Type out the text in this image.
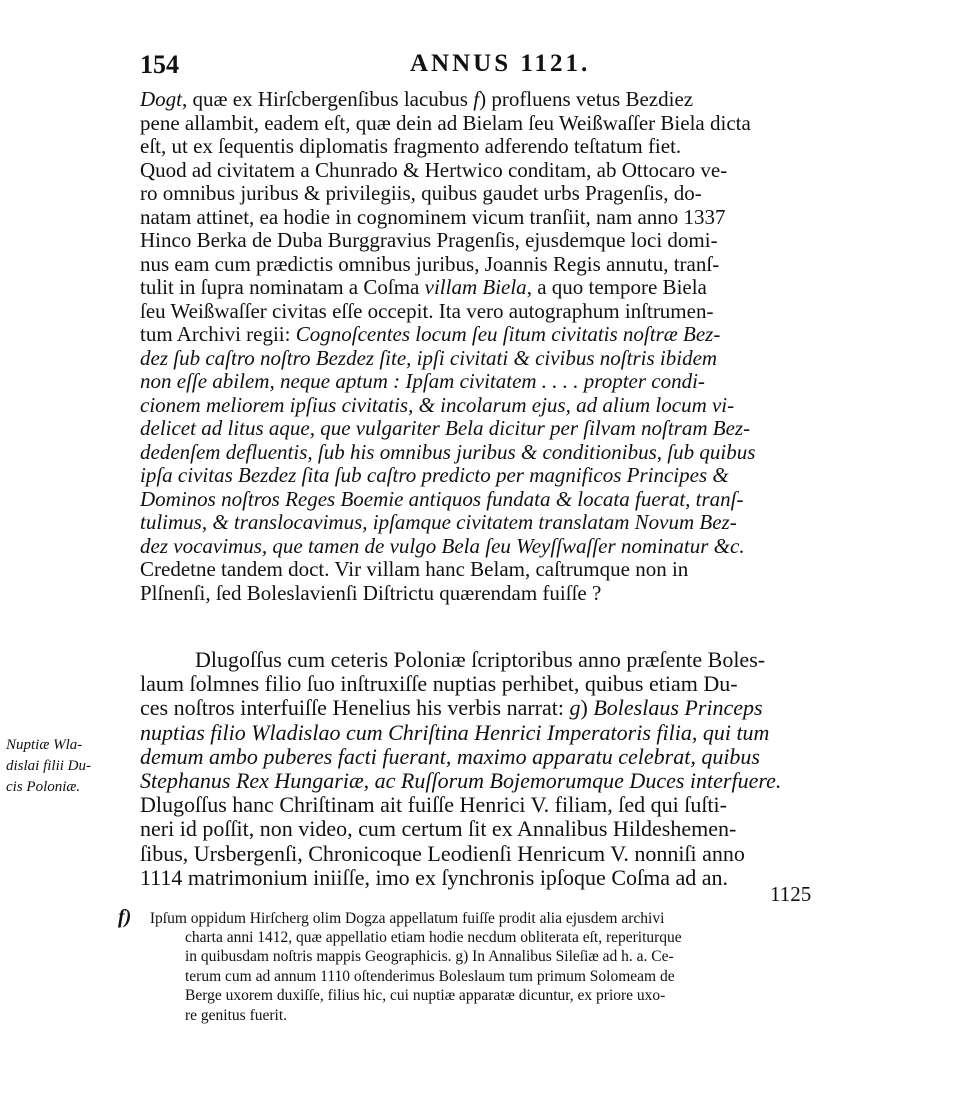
154	ANNUS 1121.
Dogt, quæ ex Hirſcbergenſibus lacubus f) profluens vetus Bezdiez
pene allambit, eadem eſt, quæ dein ad Bielam ſeu Weißwaſſer Biela dicta
eſt, ut ex ſequentis diplomatis fragmento adferendo teſtatum fiet.
Quod ad civitatem a Chunrado & Hertwico conditam, ab Ottocaro ve-
ro omnibus juribus & privilegiis, quibus gaudet urbs Pragenſis, do-
natam attinet, ea hodie in cognominem vicum tranſiit, nam anno 1337
Hinco Berka de Duba Burggravius Pragenſis, ejusdemque loci domi-
nus eam cum prædictis omnibus juribus, Joannis Regis annutu, tranſ-
tulit in ſupra nominatam a Coſma villam Biela, a quo tempore Biela
ſeu Weißwaſſer civitas eſſe occepit. Ita vero autographum inſtrumen-
tum Archivi regii: Cognoſcentes locum ſeu ſitum civitatis noſtræ Bez-
dez ſub caſtro noſtro Bezdez ſite, ipſi civitati & civibus noſtris ibidem
non eſſe abilem, neque aptum : Ipſam civitatem . . . . propter condi-
cionem meliorem ipſius civitatis, & incolarum ejus, ad alium locum vi-
delicet ad litus aque, que vulgariter Bela dicitur per ſilvam noſtram Bez-
dedenſem defluentis, ſub his omnibus juribus & conditionibus, ſub quibus
ipſa civitas Bezdez ſita ſub caſtro predicto per magnificos Principes &
Dominos noſtros Reges Boemie antiquos fundata & locata fuerat, tranſ-
tulimus, & translocavimus, ipſamque civitatem translatam Novum Bez-
dez vocavimus, que tamen de vulgo Bela ſeu Weyſſwaſſer nominatur &c.
Credetne tandem doct. Vir villam hanc Belam, caſtrumque non in
Plſnenſi, ſed Boleslavienſi Diſtrictu quærendam fuiſſe ?
Dlugoſſus cum ceteris Poloniæ ſcriptoribus anno præſente Boles-
laum ſolmnes filio ſuo inſtruxiſſe nuptias perhibet, quibus etiam Du-
ces noſtros interfuiſſe Henelius his verbis narrat: g) Boleslaus Princeps
nuptias filio Wladislao cum Chriſtina Henrici Imperatoris filia, qui tum
demum ambo puberes facti fuerant, maximo apparatu celebrat, quibus
Stephanus Rex Hungariæ, ac Ruſſorum Bojemorumque Duces interfuere.
Dlugoſſus hanc Chriſtinam ait fuiſſe Henrici V. filiam, ſed qui ſuſti-
neri id poſſit, non video, cum certum ſit ex Annalibus Hildeshemen-
ſibus, Ursbergenſi, Chronicoque Leodienſi Henricum V. nonniſi anno
1114 matrimonium iniiſſe, imo ex ſynchronis ipſoque Coſma ad an.
Nuptiæ Wla-
dislai filii Du-
cis Poloniæ.
1125
f) Ipſum oppidum Hirſcherg olim Dogza appellatum fuiſſe prodit alia ejusdem archivi
charta anni 1412, quæ appellatio etiam hodie necdum obliterata eſt, reperiturque
in quibusdam noſtris mappis Geographicis. g) In Annalibus Sileſiæ ad h. a. Ce-
terum cum ad annum 1110 oſtenderimus Boleslaum tum primum Solomeam de
Berge uxorem duxiſſe, filius hic, cui nuptiæ apparatæ dicuntur, ex priore uxo-
re genitus fuerit.
